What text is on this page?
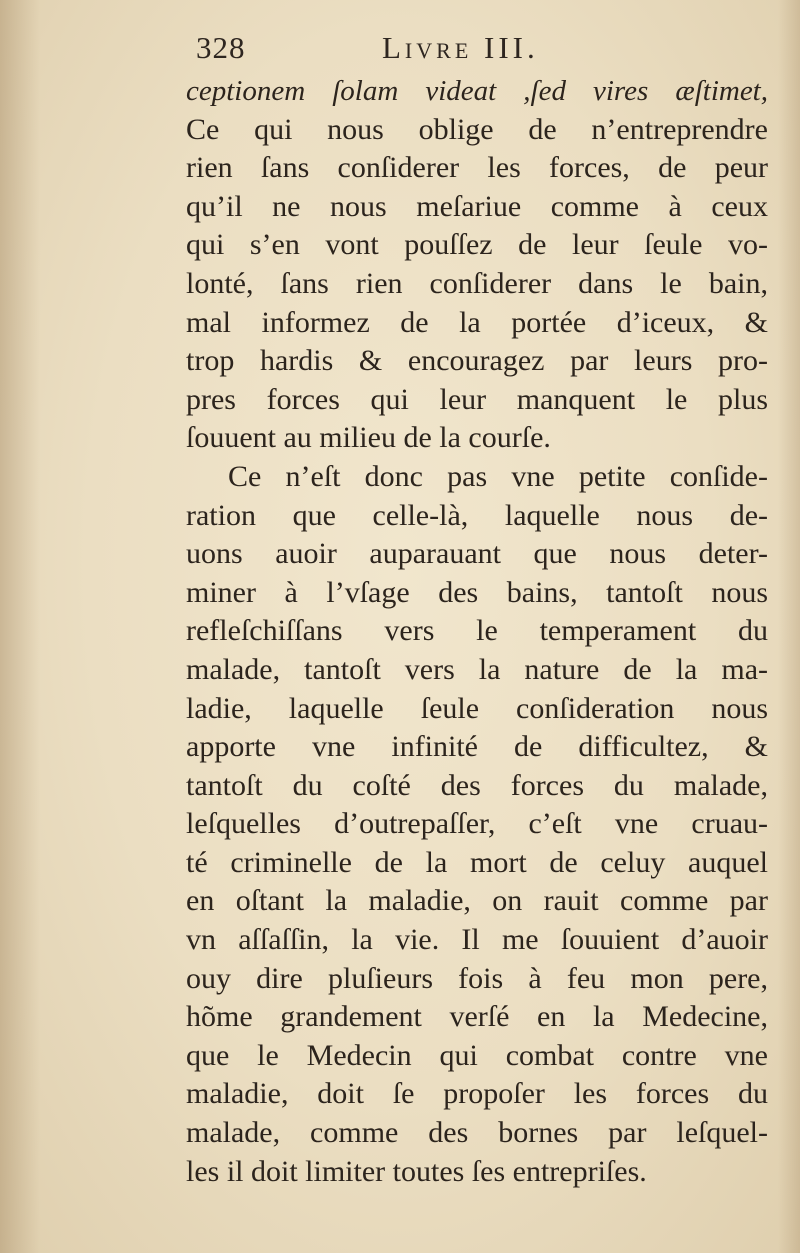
328	Livre III.
ceptionem ſolam videat ,ſed vires æſtimet,
Ce qui nous oblige de n’entreprendre
rien ſans conſiderer les forces, de peur
qu’il ne nous meſariue comme à ceux
qui s’en vont pouſſez de leur ſeule vo-
lonté, ſans rien conſiderer dans le bain,
mal informez de la portée d’iceux, &
trop hardis & encouragez par leurs pro-
pres forces qui leur manquent le plus
ſouuent au milieu de la courſe.
Ce n’eſt donc pas vne petite conſide-
ration que celle-là, laquelle nous de-
uons auoir auparauant que nous deter-
miner à l’vſage des bains, tantoſt nous
refleſchiſſans vers le temperament du
malade, tantoſt vers la nature de la ma-
ladie, laquelle ſeule conſideration nous
apporte vne infinité de difficultez, &
tantoſt du coſté des forces du malade,
leſquelles d’outrepaſſer, c’eſt vne cruau-
té criminelle de la mort de celuy auquel
en oſtant la maladie, on rauit comme par
vn aſſaſſin, la vie. Il me ſouuient d’auoir
ouy dire pluſieurs fois à feu mon pere,
hõme grandement verſé en la Medecine,
que le Medecin qui combat contre vne
maladie, doit ſe propoſer les forces du
malade, comme des bornes par leſquel-
les il doit limiter toutes ſes entrepriſes.
